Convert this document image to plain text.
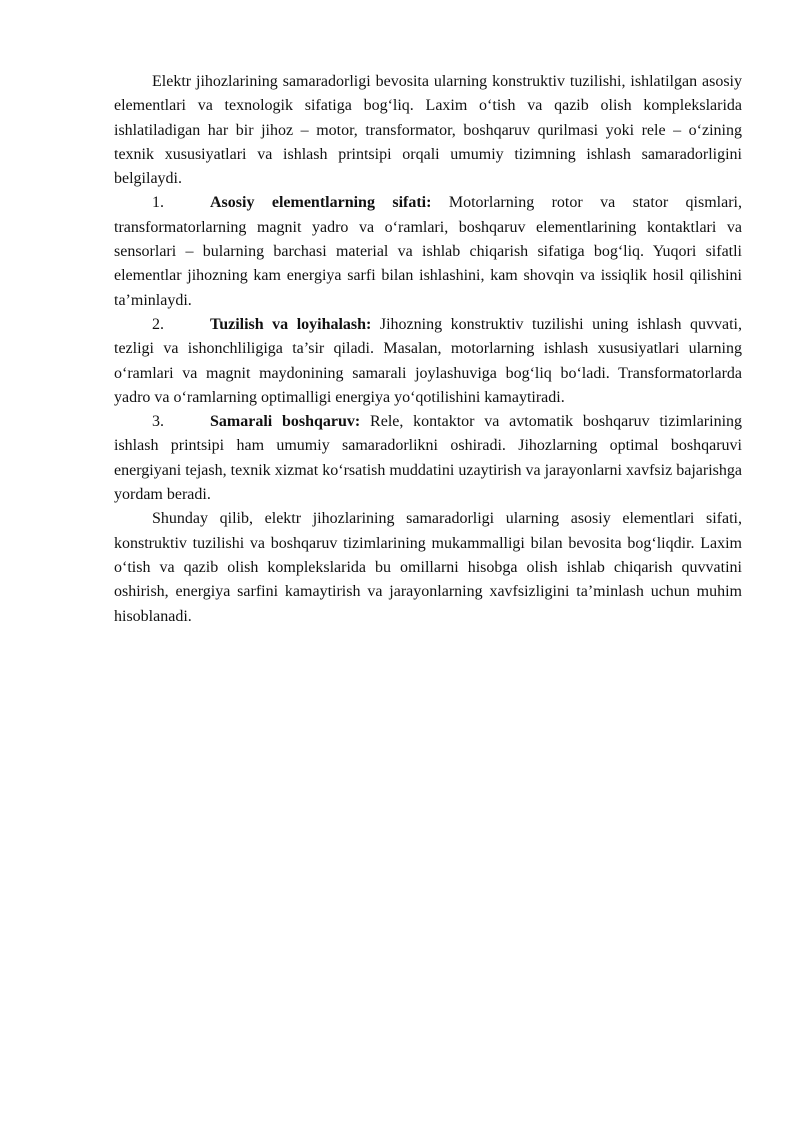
Elektr jihozlarining samaradorligi bevosita ularning konstruktiv tuzilishi, ishlatilgan asosiy elementlari va texnologik sifatiga bog‘liq. Laxim o‘tish va qazib olish komplekslarida ishlatiladigan har bir jihoz – motor, transformator, boshqaruv qurilmasi yoki rele – o‘zining texnik xususiyatlari va ishlash printsipi orqali umumiy tizimning ishlash samaradorligini belgilaydi.

1.	Asosiy elementlarning sifati: Motorlarning rotor va stator qismlari, transformatorlarning magnit yadro va o‘ramlari, boshqaruv elementlarining kontaktlari va sensorlari – bularning barchasi material va ishlab chiqarish sifatiga bog‘liq. Yuqori sifatli elementlar jihozning kam energiya sarfi bilan ishlashini, kam shovqin va issiqlik hosil qilishini ta’minlaydi.

2.	Tuzilish va loyihalash: Jihozning konstruktiv tuzilishi uning ishlash quvvati, tezligi va ishonchliligiga ta’sir qiladi. Masalan, motorlarning ishlash xususiyatlari ularning o‘ramlari va magnit maydonining samarali joylashuviga bog‘liq bo‘ladi. Transformatorlarda yadro va o‘ramlarning optimalligi energiya yo‘qotilishini kamaytiradi.

3.	Samarali boshqaruv: Rele, kontaktor va avtomatik boshqaruv tizimlarining ishlash printsipi ham umumiy samaradorlikni oshiradi. Jihozlarning optimal boshqaruvi energiyani tejash, texnik xizmat ko‘rsatish muddatini uzaytirish va jarayonlarni xavfsiz bajarishga yordam beradi.

Shunday qilib, elektr jihozlarining samaradorligi ularning asosiy elementlari sifati, konstruktiv tuzilishi va boshqaruv tizimlarining mukammalligi bilan bevosita bog‘liqdir. Laxim o‘tish va qazib olish komplekslarida bu omillarni hisobga olish ishlab chiqarish quvvatini oshirish, energiya sarfini kamaytirish va jarayonlarning xavfsizligini ta’minlash uchun muhim hisoblanadi.
